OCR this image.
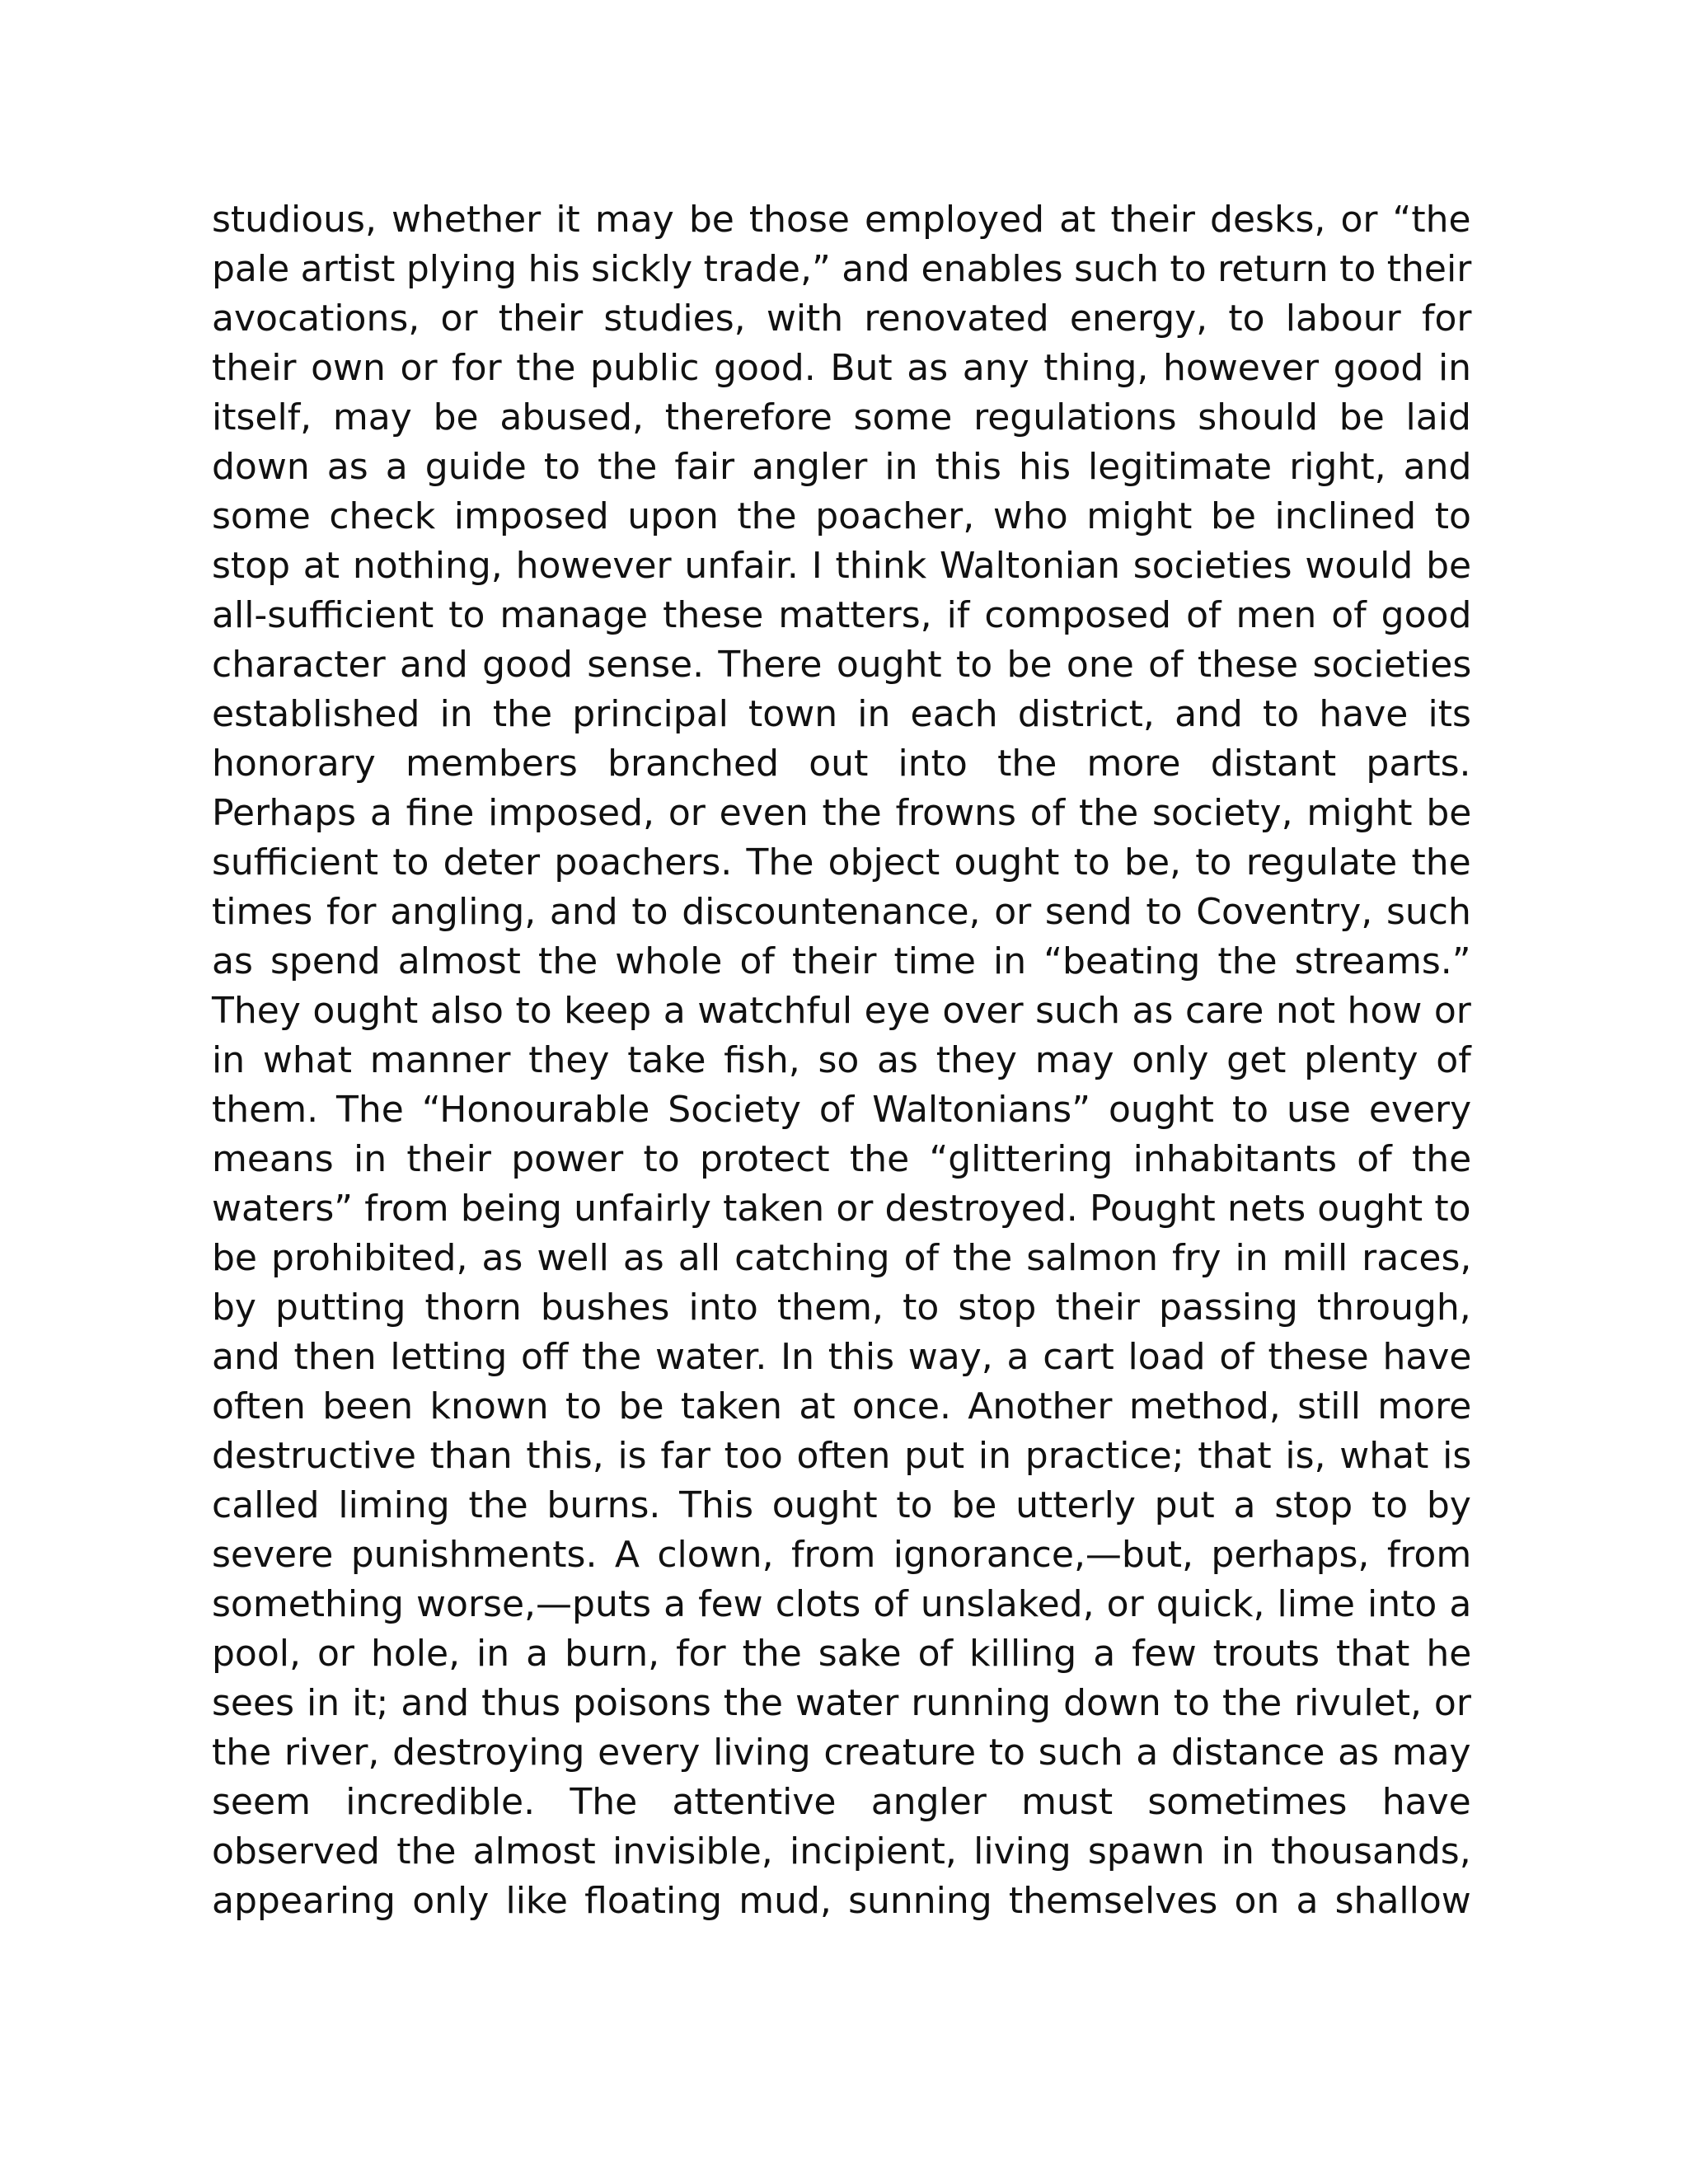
studious, whether it may be those employed at their desks, or “the
pale artist plying his sickly trade,” and enables such to return to their
avocations, or their studies, with renovated energy, to labour for
their own or for the public good. But as any thing, however good in
itself, may be abused, therefore some regulations should be laid
down as a guide to the fair angler in this his legitimate right, and
some check imposed upon the poacher, who might be inclined to
stop at nothing, however unfair. I think Waltonian societies would be
all-sufficient to manage these matters, if composed of men of good
character and good sense. There ought to be one of these societies
established in the principal town in each district, and to have its
honorary members branched out into the more distant parts.
Perhaps a fine imposed, or even the frowns of the society, might be
sufficient to deter poachers. The object ought to be, to regulate the
times for angling, and to discountenance, or send to Coventry, such
as spend almost the whole of their time in “beating the streams.”
They ought also to keep a watchful eye over such as care not how or
in what manner they take fish, so as they may only get plenty of
them. The “Honourable Society of Waltonians” ought to use every
means in their power to protect the “glittering inhabitants of the
waters” from being unfairly taken or destroyed. Pought nets ought to
be prohibited, as well as all catching of the salmon fry in mill races,
by putting thorn bushes into them, to stop their passing through,
and then letting off the water. In this way, a cart load of these have
often been known to be taken at once. Another method, still more
destructive than this, is far too often put in practice; that is, what is
called liming the burns. This ought to be utterly put a stop to by
severe punishments. A clown, from ignorance,—but, perhaps, from
something worse,—puts a few clots of unslaked, or quick, lime into a
pool, or hole, in a burn, for the sake of killing a few trouts that he
sees in it; and thus poisons the water running down to the rivulet, or
the river, destroying every living creature to such a distance as may
seem incredible. The attentive angler must sometimes have
observed the almost invisible, incipient, living spawn in thousands,
appearing only like floating mud, sunning themselves on a shallow
